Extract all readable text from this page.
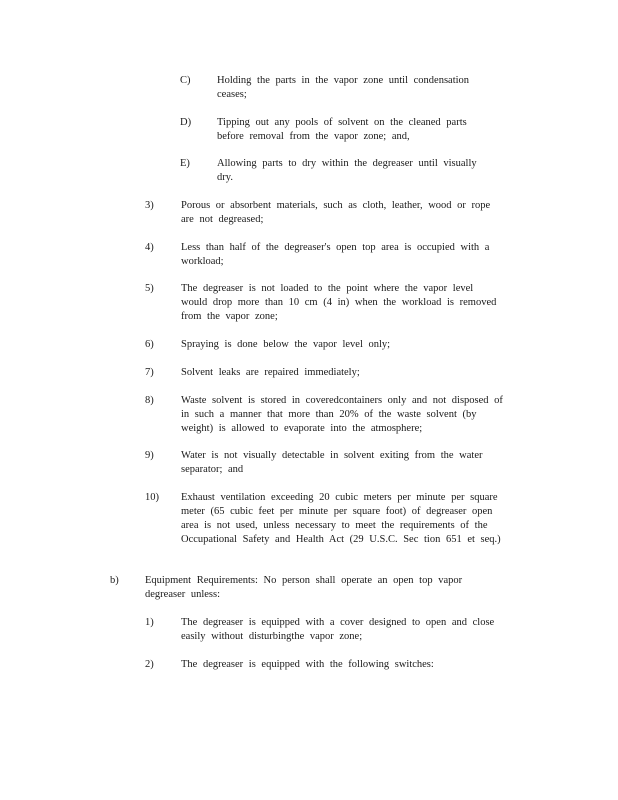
C)	Holding the parts in the vapor zone until condensation ceases;
D) Tipping out any pools of solvent on the cleaned parts before removal from the vapor zone; and,
E)	Allowing parts to dry within the degreaser until visually dry.
3)	Porous or absorbent materials, such as cloth, leather, wood or rope are not degreased;
4)	Less than half of the degreaser's open top area is occupied with a workload;
5)	The degreaser is not loaded to the point where the vapor level would drop more than 10 cm (4 in) when the workload is removed from the vapor zone;
6)	Spraying is done below the vapor level only;
7)	Solvent leaks are repaired immediately;
8)	Waste solvent is stored in coveredcontainers only and not disposed of in such a manner that more than 20% of the waste solvent (by weight) is allowed to evaporate into the atmosphere;
9)	Water is not visually detectable in solvent exiting from the water separator; and
10) Exhaust ventilation exceeding 20 cubic meters per minute per square meter (65 cubic feet per minute per square foot) of degreaser open area is not used, unless necessary to meet the requirements of the Occupational Safety and Health Act (29 U.S.C. Sec tion 651 et seq.)
b)	Equipment Requirements: No person shall operate an open top vapor degreaser unless:
1)	The degreaser is equipped with a cover designed to open and close easily without disturbingthe vapor zone;
2)	The degreaser is equipped with the following switches:
